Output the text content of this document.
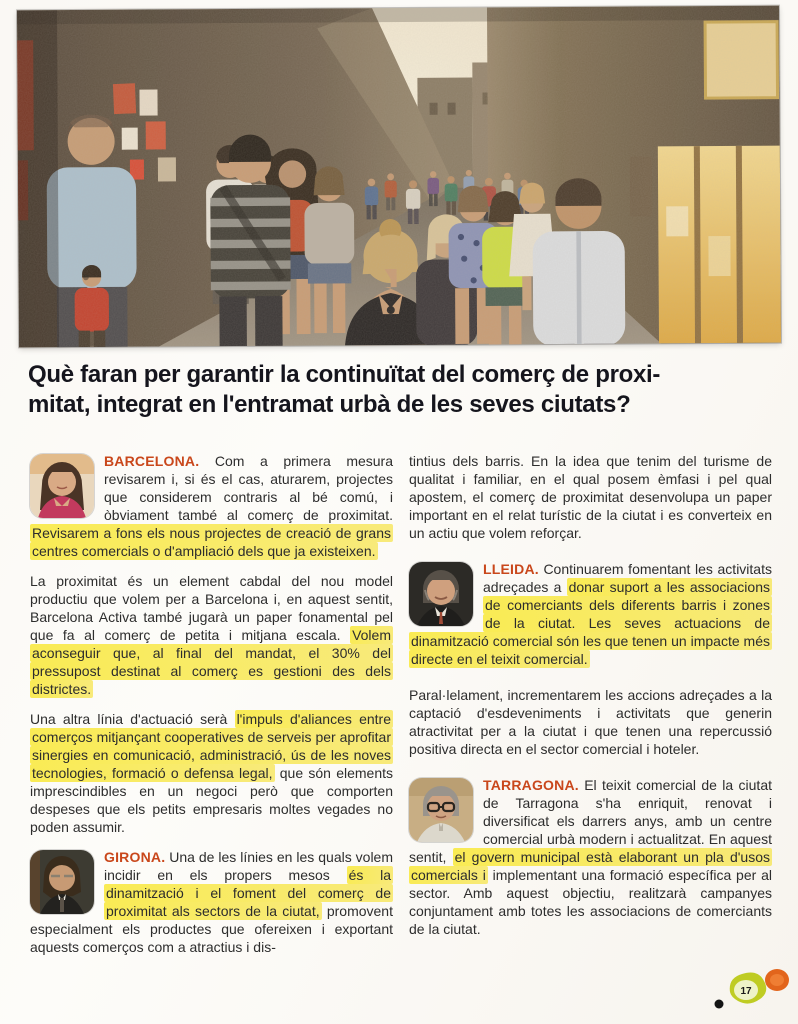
Què faran per garantir la continuïtat del comerç de proxi-
mitat, integrat en l'entramat urbà de les seves ciutats?

BARCELONA. Com a primera mesura revisarem i, si és el cas, aturarem, projectes que considerem contraris al bé comú, i òbviament també al comerç de proximitat. Revisarem a fons els nous projectes de creació de grans centres comercials o d'ampliació dels que ja existeixen.

La proximitat és un element cabdal del nou model productiu que volem per a Barcelona i, en aquest sentit, Barcelona Activa també jugarà un paper fonamental pel que fa al comerç de petita i mitjana escala. Volem aconseguir que, al final del mandat, el 30% del pressupost destinat al comerç es gestioni des dels districtes.

Una altra línia d'actuació serà l'impuls d'aliances entre comerços mitjançant cooperatives de serveis per aprofitar sinergies en comunicació, administració, ús de les noves tecnologies, formació o defensa legal, que són elements imprescindibles en un negoci però que comporten despeses que els petits empresaris moltes vegades no poden assumir.

GIRONA. Una de les línies en les quals volem incidir en els propers mesos és la dinamització i el foment del comerç de proximitat als sectors de la ciutat, promovent especialment els productes que ofereixen i exportant aquests comerços com a atractius i dis-

tintius dels barris. En la idea que tenim del turisme de qualitat i familiar, en el qual posem èmfasi i pel qual apostem, el comerç de proximitat desenvolupa un paper important en el relat turístic de la ciutat i es converteix en un actiu que volem reforçar.

LLEIDA. Continuarem fomentant les activitats adreçades a donar suport a les associacions de comerciants dels diferents barris i zones de la ciutat. Les seves actuacions de dinamització comercial són les que tenen un impacte més directe en el teixit comercial.

Paral·lelament, incrementarem les accions adreçades a la captació d'esdeveniments i activitats que generin atractivitat per a la ciutat i que tenen una repercussió positiva directa en el sector comercial i hoteler.

TARRAGONA. El teixit comercial de la ciutat de Tarragona s'ha enriquit, renovat i diversificat els darrers anys, amb un centre comercial urbà modern i actualitzat. En aquest sentit, el govern municipal està elaborant un pla d'usos comercials i implementant una formació específica per al sector. Amb aquest objectiu, realitzarà campanyes conjuntament amb totes les associacions de comerciants de la ciutat.

17
